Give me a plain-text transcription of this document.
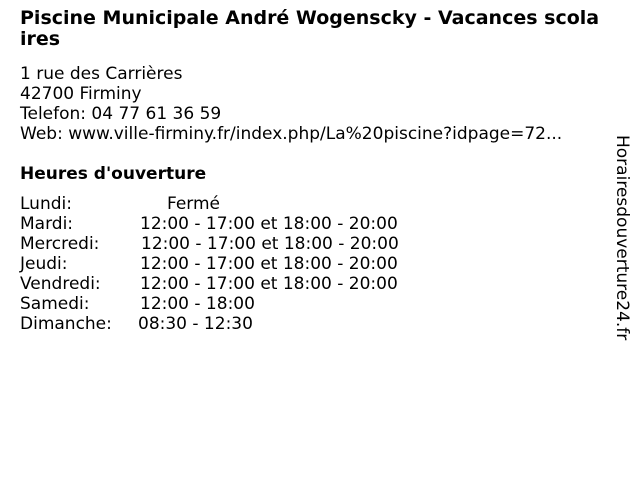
Piscine Municipale André Wogenscky - Vacances scolaires
1 rue des Carrières
42700 Firminy
Telefon: 04 77 61 36 59
Web: www.ville-firminy.fr/index.php/La%20piscine?idpage=72...
Heures d'ouverture
Lundi:	Fermé
Mardi:	12:00 - 17:00 et 18:00 - 20:00
Mercredi: 12:00 - 17:00 et 18:00 - 20:00
Jeudi:	12:00 - 17:00 et 18:00 - 20:00
Vendredi: 12:00 - 17:00 et 18:00 - 20:00
Samedi:	12:00 - 18:00
Dimanche: 08:30 - 12:30	Horairesdouverture24.fr
